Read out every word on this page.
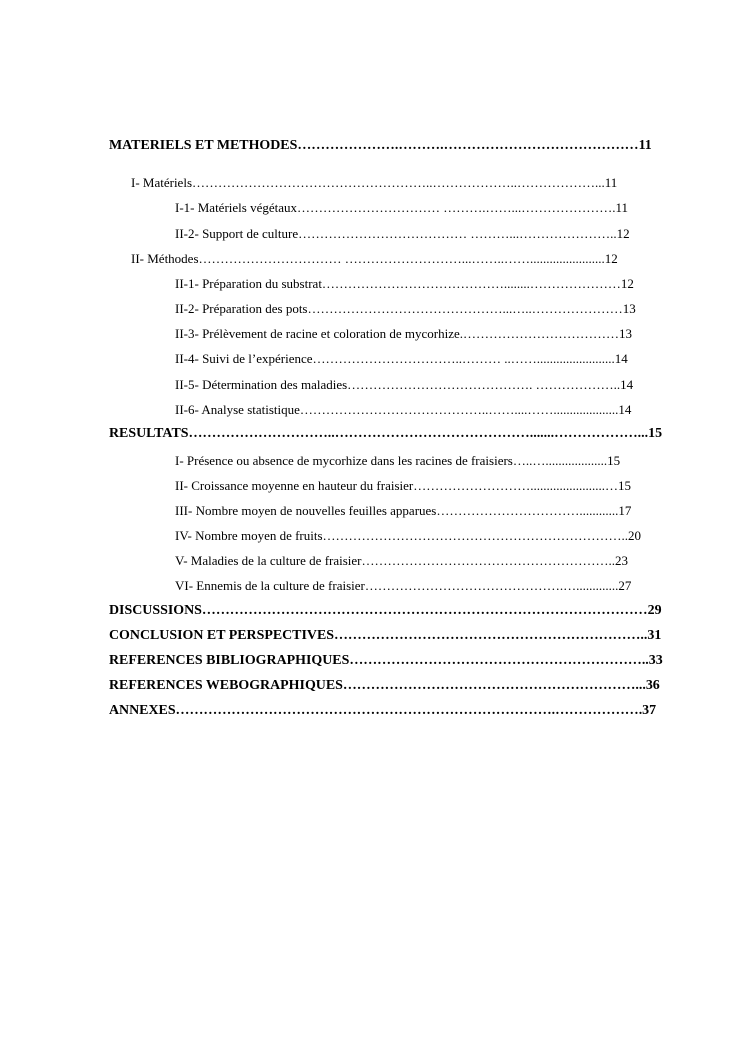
MATERIELS ET METHODES………………….……….……………………………………11
I- Matériels………………………………………………..………………..………………...11
I-1- Matériels végétaux…………………………… ……….……...………………….11
II-2- Support de culture………………………………… ………...…………………..12
II- Méthodes…………………………… ………………………...……..…….......................12
II-1- Préparation du substrat……………………………………........…………………12
II-2- Préparation des pots………………………………………...…..…………………13
II-3- Prélèvement de racine et coloration de mycorhize.………………………………13
II-4- Suivi de l’expérience……………………………..……… ..……........................14
II-5- Détermination des maladies……………………………………. ………………..14
II-6- Analyse statistique……………………………………..……....……....................14
RESULTATS…………………………..…………………………………….......………………...15
I- Présence ou absence de mycorhize dans les racines de fraisiers…..…...................15
II- Croissance moyenne en hauteur du fraisier……………………….......................…15
III- Nombre moyen de nouvelles feuilles apparues……………………………............17
IV- Nombre moyen de fruits……………………………………………………………..20
V- Maladies de la culture de fraisier…………………………………………………..23
VI- Ennemis de la culture de fraisier……………………………………….….............27
DISCUSSIONS……………………………………………………………………………………29
CONCLUSION ET PERSPECTIVES…………………………………………………………..31
REFERENCES BIBLIOGRAPHIQUES………………………………………………………..33
REFERENCES WEBOGRAPHIQUES………………………………………………………...36
ANNEXES……………………………………………………………………….……………….37
